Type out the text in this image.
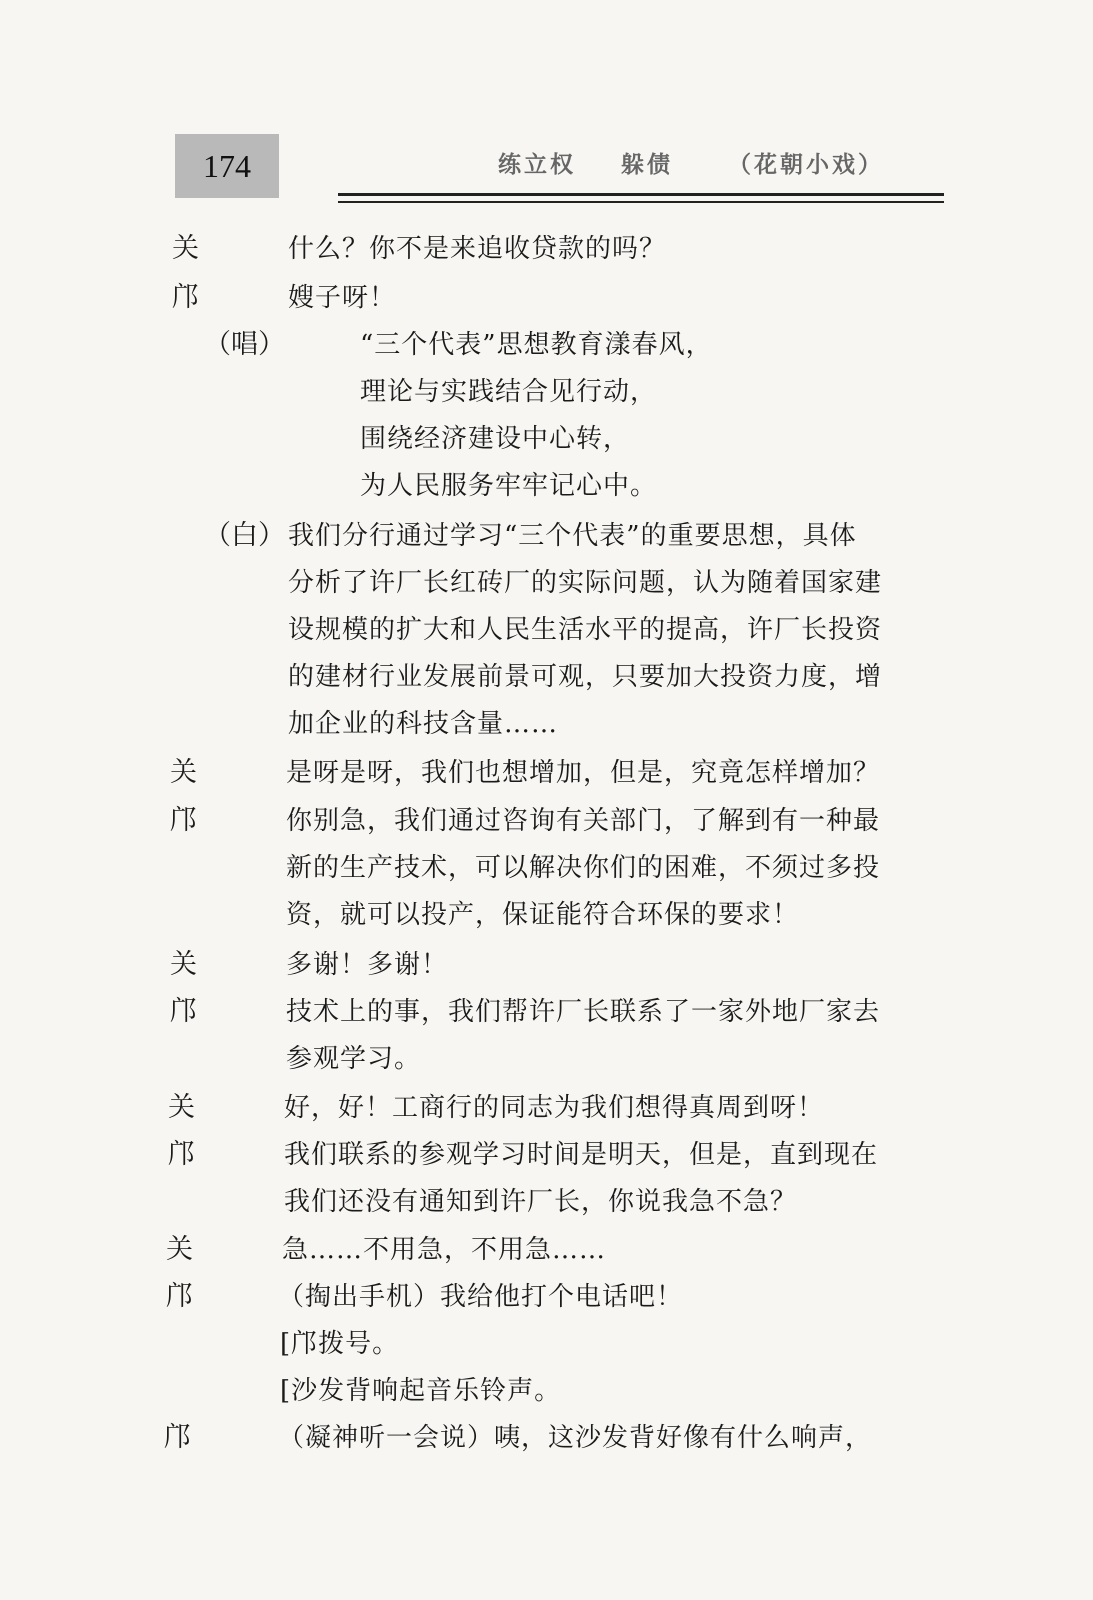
174	练立权 躲债 （花朝小戏）
关	什么？你不是来追收贷款的吗？
邝	嫂子呀！
（唱）	“三个代表”思想教育漾春风，
理论与实践结合见行动，
围绕经济建设中心转，
为人民服务牢牢记心中。
（白） 我们分行通过学习“三个代表”的重要思想，具体
分析了许厂长红砖厂的实际问题，认为随着国家建
设规模的扩大和人民生活水平的提高，许厂长投资
的建材行业发展前景可观，只要加大投资力度，增
加企业的科技含量……
关	是呀是呀，我们也想增加，但是，究竟怎样增加？
邝	你别急，我们通过咨询有关部门，了解到有一种最
新的生产技术，可以解决你们的困难，不须过多投
资，就可以投产，保证能符合环保的要求！
关	多谢！多谢！
邝	技术上的事，我们帮许厂长联系了一家外地厂家去
参观学习。
关	好，好！工商行的同志为我们想得真周到呀！
邝	我们联系的参观学习时间是明天，但是，直到现在
我们还没有通知到许厂长，你说我急不急？
关	急……不用急，不用急……
邝	（掏出手机）我给他打个电话吧！
[邝拨号。
[沙发背响起音乐铃声。
邝	（凝神听一会说）咦，这沙发背好像有什么响声，
